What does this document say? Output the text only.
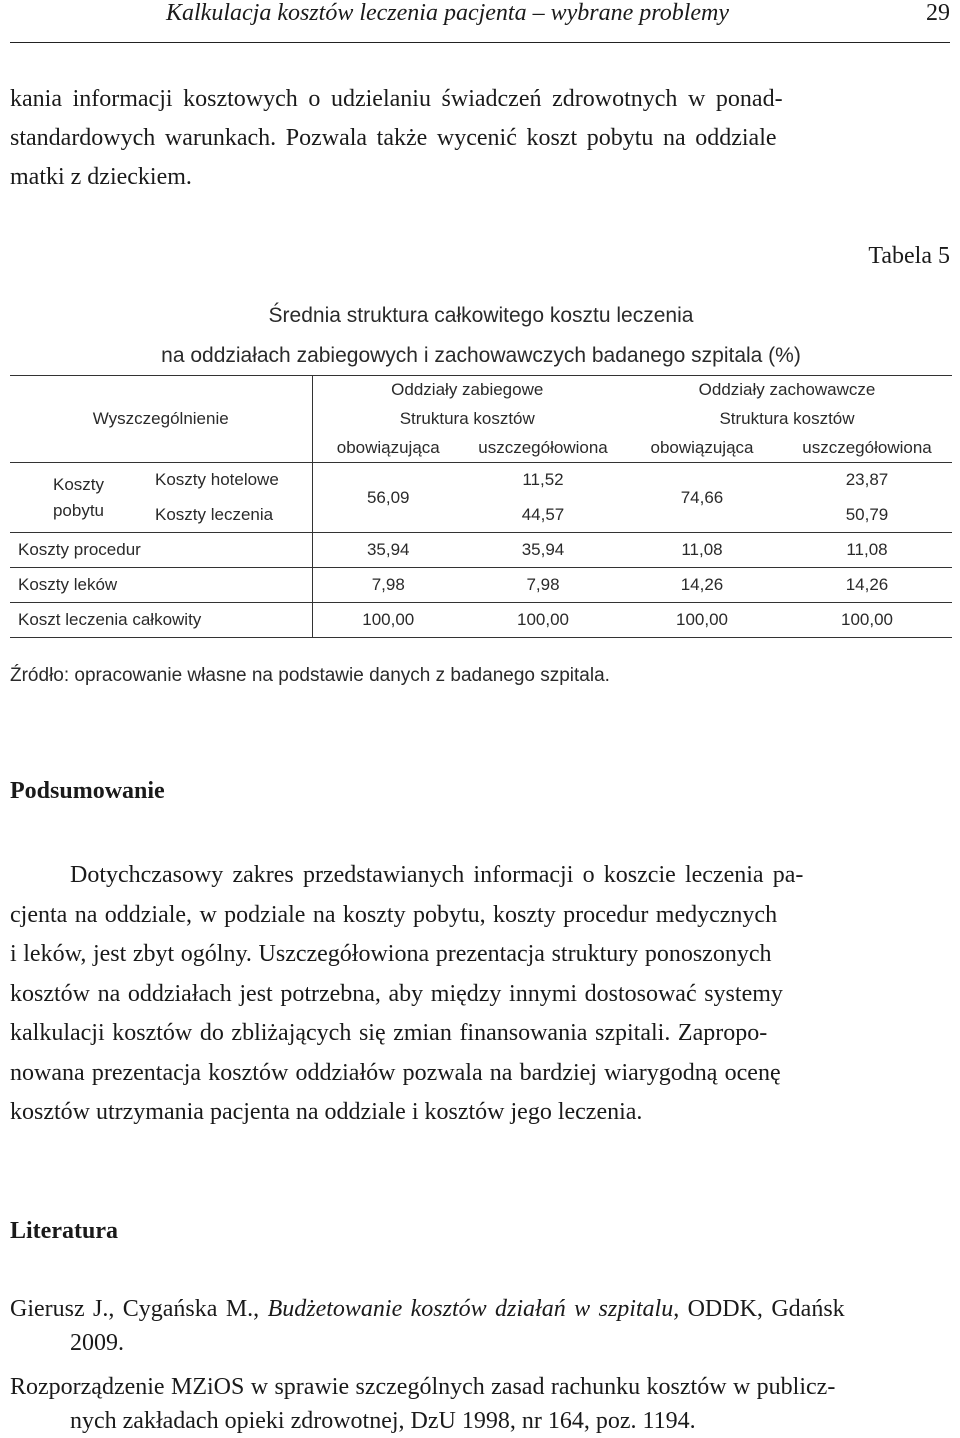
Kalkulacja kosztów leczenia pacjenta – wybrane problemy	29
kania informacji kosztowych o udzielaniu świadczeń zdrowotnych w ponad-
standardowych warunkach. Pozwala także wycenić koszt pobytu na oddziale
matki z dzieckiem.
Tabela 5
Średnia struktura całkowitego kosztu leczenia
na oddziałach zabiegowych i zachowawczych badanego szpitala (%)
Wyszczególnienie		Oddziały zabiegowe		Oddziały zachowawcze	
		Struktura kosztów		Struktura kosztów	
		obowiązująca	uszczegółowiona	obowiązująca	uszczegółowiona

Koszty
pobytu	Koszty hotelowe	56,09	11,52	74,66	23,87
	Koszty leczenia		44,57		50,79
Koszty procedur		35,94	35,94	11,08	11,08
Koszty leków		7,98	7,98	14,26	14,26
Koszt leczenia całkowity		100,00	100,00	100,00	100,00
Źródło: opracowanie własne na podstawie danych z badanego szpitala.
Podsumowanie
Dotychczasowy zakres przedstawianych informacji o koszcie leczenia pa-
cjenta na oddziale, w podziale na koszty pobytu, koszty procedur medycznych
i leków, jest zbyt ogólny. Uszczegółowiona prezentacja struktury ponoszonych
kosztów na oddziałach jest potrzebna, aby między innymi dostosować systemy
kalkulacji kosztów do zbliżających się zmian finansowania szpitali. Zapropo-
nowana prezentacja kosztów oddziałów pozwala na bardziej wiarygodną ocenę
kosztów utrzymania pacjenta na oddziale i kosztów jego leczenia.
Literatura
Gierusz J., Cygańska M., Budżetowanie kosztów działań w szpitalu, ODDK, Gdańsk
2009.
Rozporządzenie MZiOS w sprawie szczególnych zasad rachunku kosztów w publicz-
nych zakładach opieki zdrowotnej, DzU 1998, nr 164, poz. 1194.
